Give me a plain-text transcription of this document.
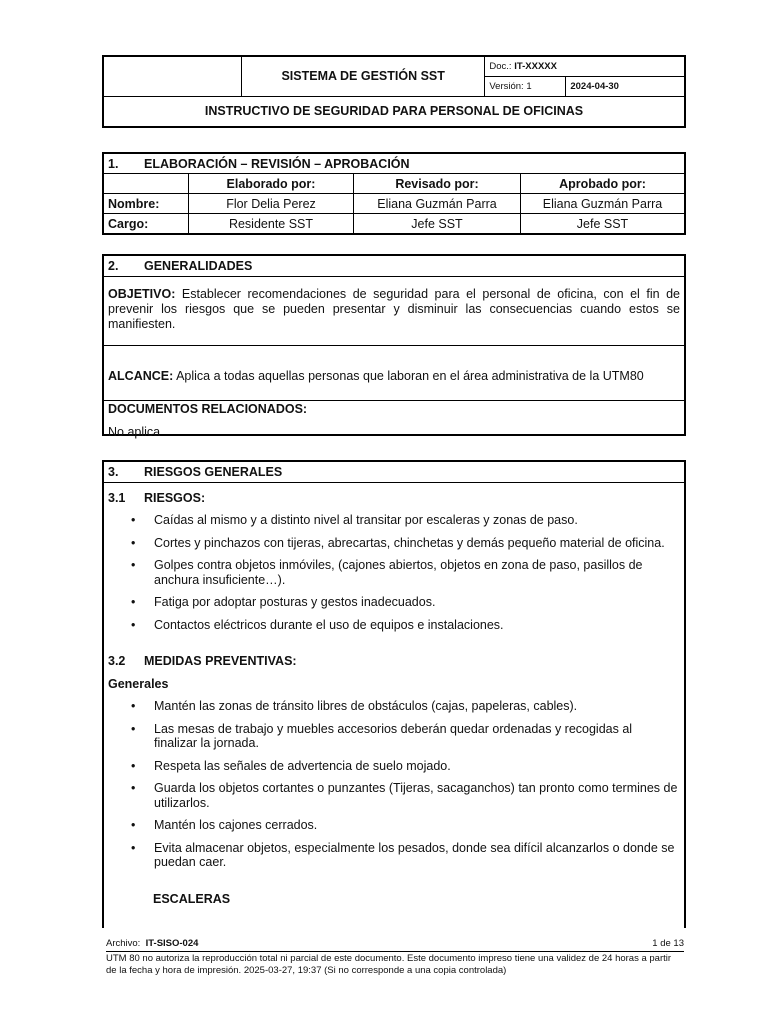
	SISTEMA DE GESTIÓN SST	Doc.: IT-XXXXX	
		Versión: 1	2024-04-30
INSTRUCTIVO DE SEGURIDAD PARA PERSONAL DE OFICINAS			
1. ELABORACIÓN – REVISIÓN – APROBACIÓN			
	Elaborado por:	Revisado por:	Aprobado por:
Nombre:	Flor Delia Perez	Eliana Guzmán Parra	Eliana Guzmán Parra
Cargo:	Residente SST	Jefe SST	Jefe SST
2. GENERALIDADES
OBJETIVO: Establecer recomendaciones de seguridad para el personal de oficina, con el fin de prevenir los riesgos que se pueden presentar y disminuir las consecuencias cuando estos se manifiesten.
ALCANCE: Aplica a todas aquellas personas que laboran en el área administrativa de la UTM80
DOCUMENTOS RELACIONADOS:
No aplica
3. RIESGOS GENERALES
3.1 RIESGOS:
• Caídas al mismo y a distinto nivel al transitar por escaleras y zonas de paso.
• Cortes y pinchazos con tijeras, abrecartas, chinchetas y demás pequeño material de oficina.
• Golpes contra objetos inmóviles, (cajones abiertos, objetos en zona de paso, pasillos de anchura insuficiente…).
• Fatiga por adoptar posturas y gestos inadecuados.
• Contactos eléctricos durante el uso de equipos e instalaciones.
3.2 MEDIDAS PREVENTIVAS:
Generales
• Mantén las zonas de tránsito libres de obstáculos (cajas, papeleras, cables).
• Las mesas de trabajo y muebles accesorios deberán quedar ordenadas y recogidas al finalizar la jornada.
• Respeta las señales de advertencia de suelo mojado.
• Guarda los objetos cortantes o punzantes (Tijeras, sacaganchos) tan pronto como termines de utilizarlos.
• Mantén los cajones cerrados.
• Evita almacenar objetos, especialmente los pesados, donde sea difícil alcanzarlos o donde se puedan caer.
ESCALERAS
Archivo: IT-SISO-024	1 de 13
UTM 80 no autoriza la reproducción total ni parcial de este documento. Este documento impreso tiene una validez de 24 horas a partir de la fecha y hora de impresión. 2025-03-27, 19:37 (Si no corresponde a una copia controlada)
